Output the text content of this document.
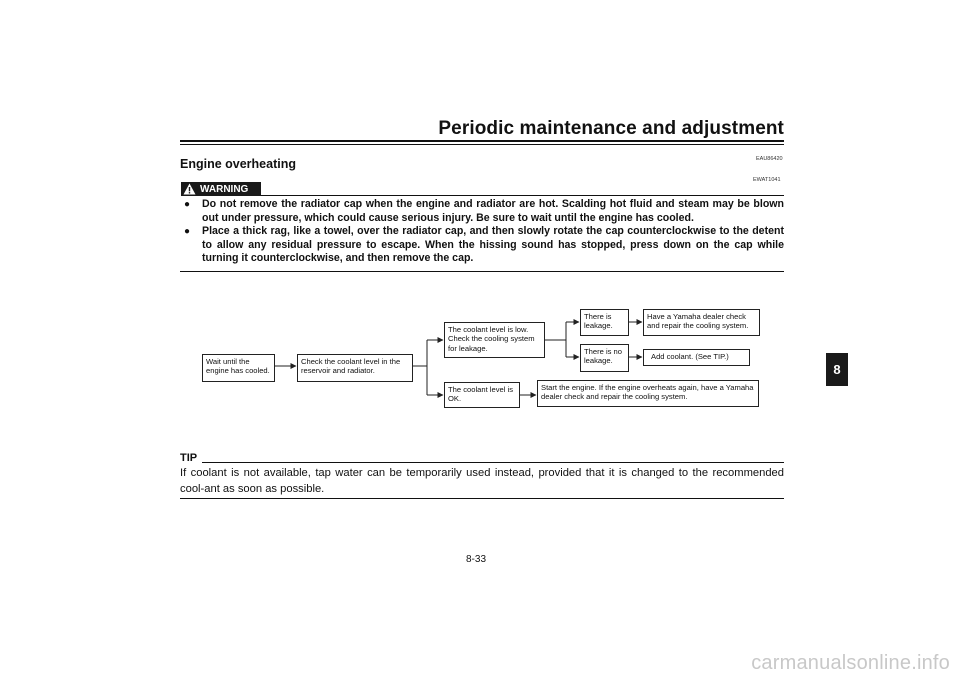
Periodic maintenance and adjustment
EAU86420
Engine overheating
WARNING
EWAT1041
● Do not remove the radiator cap when the engine and radiator are hot. Scalding hot fluid and steam may be blown out under pressure, which could cause serious injury. Be sure to wait until the engine has cooled.
● Place a thick rag, like a towel, over the radiator cap, and then slowly rotate the cap counterclockwise to the detent to allow any residual pressure to escape. When the hissing sound has stopped, press down on the cap while turning it counterclockwise, and then remove the cap.
Wait until the engine has cooled.
Check the coolant level in the reservoir and radiator.
The coolant level is low. Check the cooling system for leakage.
The coolant level is OK.
There is leakage.
There is no leakage.
Have a Yamaha dealer check and repair the cooling system.
Add coolant. (See TIP.)
Start the engine. If the engine overheats again, have a Yamaha dealer check and repair the cooling system.
8
TIP
If coolant is not available, tap water can be temporarily used instead, provided that it is changed to the recommended cool-ant as soon as possible.
8-33
carmanualsonline.info
